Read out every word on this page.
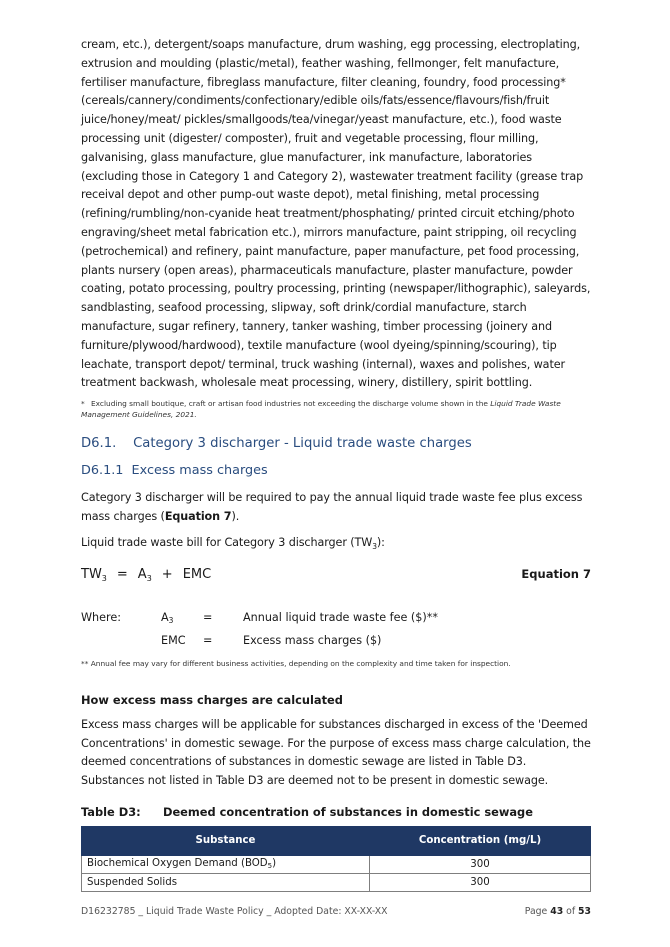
cream, etc.), detergent/soaps manufacture, drum washing, egg processing, electroplating, extrusion and moulding (plastic/metal), feather washing, fellmonger, felt manufacture, fertiliser manufacture, fibreglass manufacture, filter cleaning, foundry, food processing* (cereals/cannery/condiments/confectionary/edible oils/fats/essence/flavours/fish/fruit juice/honey/meat/ pickles/smallgoods/tea/vinegar/yeast manufacture, etc.), food waste processing unit (digester/ composter), fruit and vegetable processing, flour milling, galvanising, glass manufacture, glue manufacturer, ink manufacture, laboratories (excluding those in Category 1 and Category 2), wastewater treatment facility (grease trap receival depot and other pump-out waste depot), metal finishing, metal processing (refining/rumbling/non-cyanide heat treatment/phosphating/ printed circuit etching/photo engraving/sheet metal fabrication etc.), mirrors manufacture, paint stripping, oil recycling (petrochemical) and refinery, paint manufacture, paper manufacture, pet food processing, plants nursery (open areas), pharmaceuticals manufacture, plaster manufacture, powder coating, potato processing, poultry processing, printing (newspaper/lithographic), saleyards, sandblasting, seafood processing, slipway, soft drink/cordial manufacture, starch manufacture, sugar refinery, tannery, tanker washing, timber processing (joinery and furniture/plywood/hardwood), textile manufacture (wool dyeing/spinning/scouring), tip leachate, transport depot/ terminal, truck washing (internal), waxes and polishes, water treatment backwash, wholesale meat processing, winery, distillery, spirit bottling.

* Excluding small boutique, craft or artisan food industries not exceeding the discharge volume shown in the Liquid Trade Waste Management Guidelines, 2021.
D6.1.    Category 3 discharger - Liquid trade waste charges
D6.1.1  Excess mass charges

Category 3 discharger will be required to pay the annual liquid trade waste fee plus excess mass charges (Equation 7).

Liquid trade waste bill for Category 3 discharger $(TW_3)$:

$TW_3 = A_3$ + EMC	Equation 7
Where:	$A_3$	=	Annual liquid trade waste fee ($)**
EMC =	Excess mass charges ($)
** Annual fee may vary for different business activities, depending on the complexity and time taken for inspection.
How excess mass charges are calculated

Excess mass charges will be applicable for substances discharged in excess of the 'Deemed Concentrations' in domestic sewage. For the purpose of excess mass charge calculation, the deemed concentrations of substances in domestic sewage are listed in Table D3. Substances not listed in Table D3 are deemed not to be present in domestic sewage.

Table D3: Deemed concentration of substances in domestic sewage
Substance	Concentration (mg/L)
Biochemical Oxygen Demand $(BOD_5)$	300
Suspended Solids	300
D16232785 _ Liquid Trade Waste Policy _ Adopted Date: XX-XX-XX	Page 43 of 53
